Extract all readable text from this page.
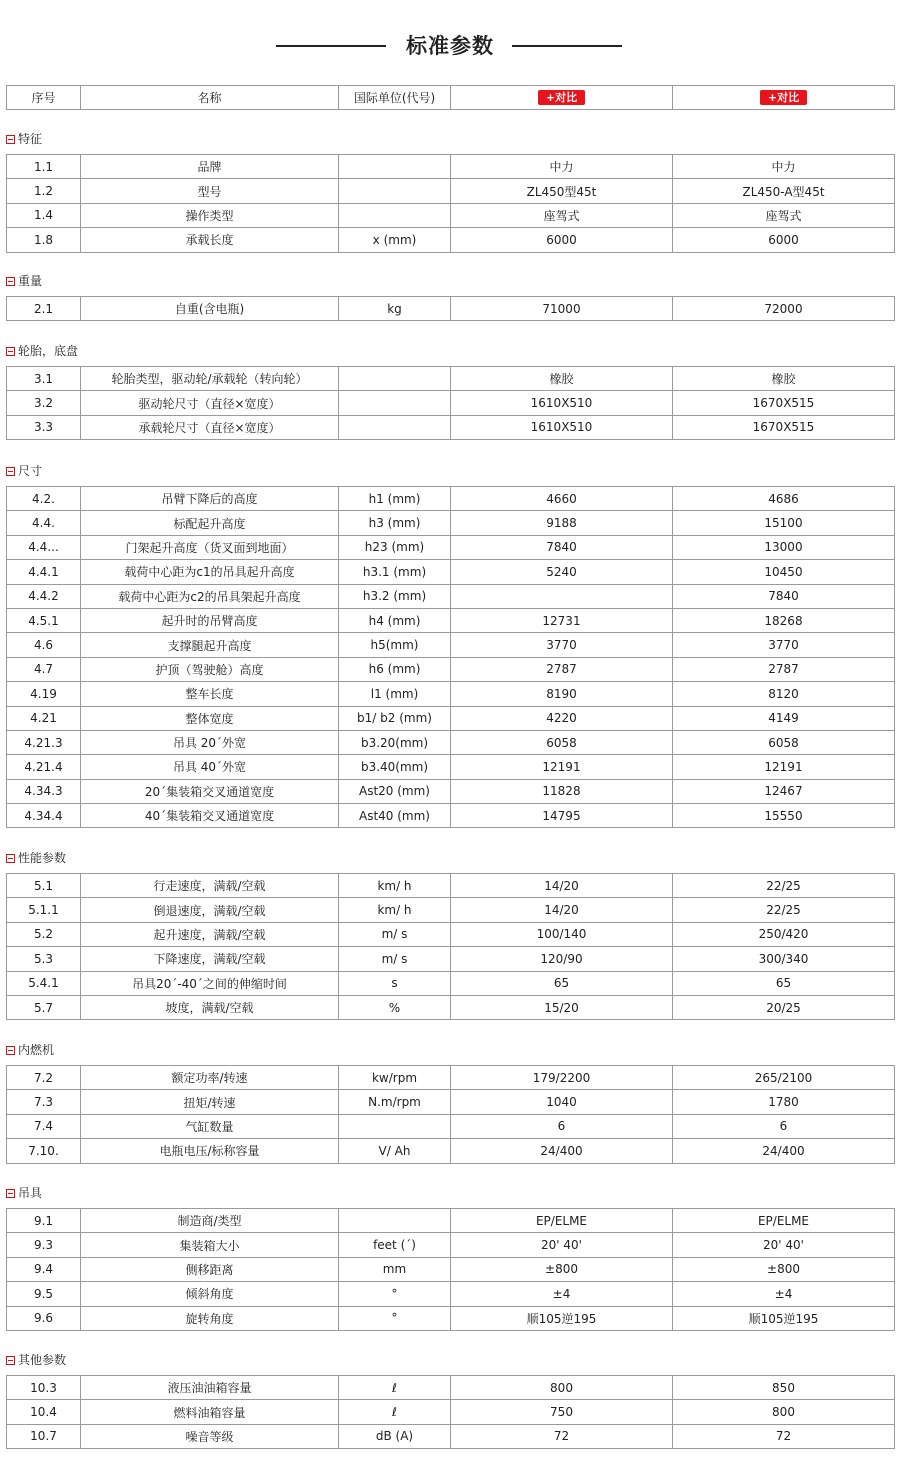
标准参数
序号	名称	国际单位(代号)	+对比	+对比
特征
1.1	品牌		中力	中力
1.2	型号		ZL450型45t	ZL450-A型45t
1.4	操作类型		座驾式	座驾式
1.8	承载长度	x (mm)	6000	6000
重量
2.1	自重(含电瓶)	kg	71000	72000
轮胎，底盘
3.1	轮胎类型，驱动轮/承载轮（转向轮）		橡胶	橡胶
3.2	驱动轮尺寸（直径×宽度）		1610X510	1670X515
3.3	承载轮尺寸（直径×宽度）		1610X510	1670X515
尺寸
4.2.	吊臂下降后的高度	h1 (mm)	4660	4686
4.4.	标配起升高度	h3 (mm)	9188	15100
4.4...	门架起升高度（货叉面到地面）	h23 (mm)	7840	13000
4.4.1	载荷中心距为c1的吊具起升高度	h3.1 (mm)	5240	10450
4.4.2	载荷中心距为c2的吊具架起升高度	h3.2 (mm)		7840
4.5.1	起升时的吊臂高度	h4 (mm)	12731	18268
4.6	支撑腿起升高度	h5(mm)	3770	3770
4.7	护顶（驾驶舱）高度	h6 (mm)	2787	2787
4.19	整车长度	l1 (mm)	8190	8120
4.21	整体宽度	b1/ b2 (mm)	4220	4149
4.21.3	吊具 20´外宽	b3.20(mm)	6058	6058
4.21.4	吊具 40´外宽	b3.40(mm)	12191	12191
4.34.3	20´集装箱交叉通道宽度	Ast20 (mm)	11828	12467
4.34.4	40´集装箱交叉通道宽度	Ast40 (mm)	14795	15550
性能参数
5.1	行走速度，满载/空载	km/ h	14/20	22/25
5.1.1	倒退速度，满载/空载	km/ h	14/20	22/25
5.2	起升速度，满载/空载	m/ s	100/140	250/420
5.3	下降速度，满载/空载	m/ s	120/90	300/340
5.4.1	吊具20´-40´之间的伸缩时间	s	65	65
5.7	坡度，满载/空载	%	15/20	20/25
内燃机
7.2	额定功率/转速	kw/rpm	179/2200	265/2100
7.3	扭矩/转速	N.m/rpm	1040	1780
7.4	气缸数量		6	6
7.10.	电瓶电压/标称容量	V/ Ah	24/400	24/400
吊具
9.1	制造商/类型		EP/ELME	EP/ELME
9.3	集装箱大小	feet (´)	20' 40'	20' 40'
9.4	侧移距离	mm	±800	±800
9.5	倾斜角度	°	±4	±4
9.6	旋转角度	°	顺105逆195	顺105逆195
其他参数
10.3	液压油油箱容量	ℓ	800	850
10.4	燃料油箱容量	ℓ	750	800
10.7	噪音等级	dB (A)	72	72
